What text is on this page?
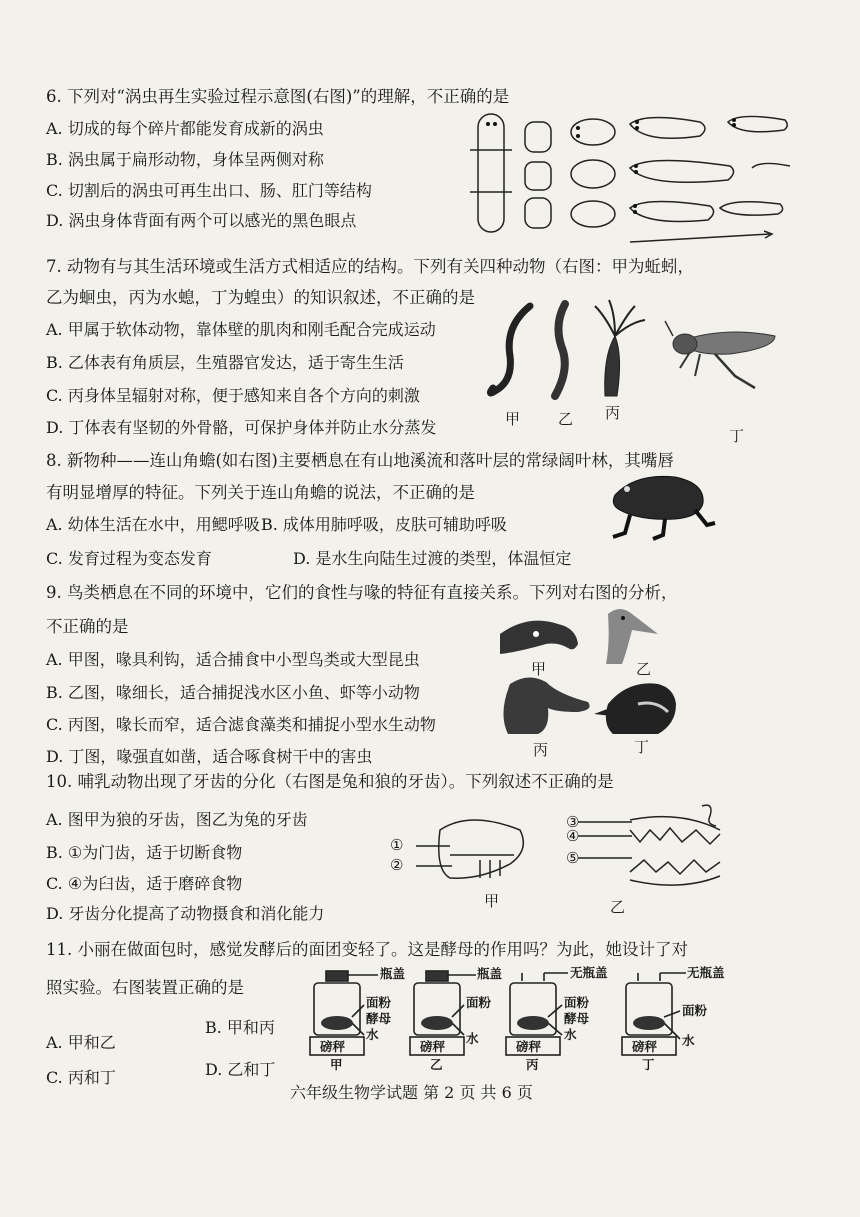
6. 下列对“涡虫再生实验过程示意图(右图)”的理解，不正确的是
A. 切成的每个碎片都能发育成新的涡虫
B. 涡虫属于扁形动物，身体呈两侧对称
C. 切割后的涡虫可再生出口、肠、肛门等结构
D. 涡虫身体背面有两个可以感光的黑色眼点
7. 动物有与其生活环境或生活方式相适应的结构。下列有关四种动物（右图：甲为蚯蚓，
乙为蛔虫，丙为水螅，丁为蝗虫）的知识叙述，不正确的是
A. 甲属于软体动物，靠体壁的肌肉和刚毛配合完成运动
B. 乙体表有角质层，生殖器官发达，适于寄生生活
C. 丙身体呈辐射对称，便于感知来自各个方向的刺激
D. 丁体表有坚韧的外骨骼，可保护身体并防止水分蒸发	甲	乙 丙
丁
8. 新物种——连山角蟾(如右图)主要栖息在有山地溪流和落叶层的常绿阔叶林，其嘴唇
有明显增厚的特征。下列关于连山角蟾的说法，不正确的是
A. 幼体生活在水中，用鳃呼吸 B. 成体用肺呼吸，皮肤可辅助呼吸
C. 发育过程为变态发育	D. 是水生向陆生过渡的类型，体温恒定
9. 鸟类栖息在不同的环境中，它们的食性与喙的特征有直接关系。下列对右图的分析，
不正确的是
A. 甲图，喙具利钩，适合捕食中小型鸟类或大型昆虫
B. 乙图，喙细长，适合捕捉浅水区小鱼、虾等小动物
C. 丙图，喙长而窄，适合滤食藻类和捕捉小型水生动物
D. 丁图，喙强直如凿，适合啄食树干中的害虫
甲	乙
丙	丁
10. 哺乳动物出现了牙齿的分化（右图是兔和狼的牙齿）。下列叙述不正确的是
A. 图甲为狼的牙齿，图乙为兔的牙齿
B. ①为门齿，适于切断食物
C. ④为臼齿，适于磨碎食物
D. 牙齿分化提高了动物摄食和消化能力
①
②
③
④
⑤
甲	乙
11. 小丽在做面包时，感觉发酵后的面团变轻了。这是酵母的作用吗？为此，她设计了对
照实验。右图装置正确的是
A. 甲和乙
B. 甲和丙
C. 丙和丁	D. 乙和丁
瓶盖	瓶盖	无瓶盖	无瓶盖
面粉
酵母
水
面粉
水
面粉
酵母
水
面粉
水
磅秤	磅秤	磅秤	磅秤
甲	乙	丙	丁
六年级生物学试题 第 2 页 共 6 页
